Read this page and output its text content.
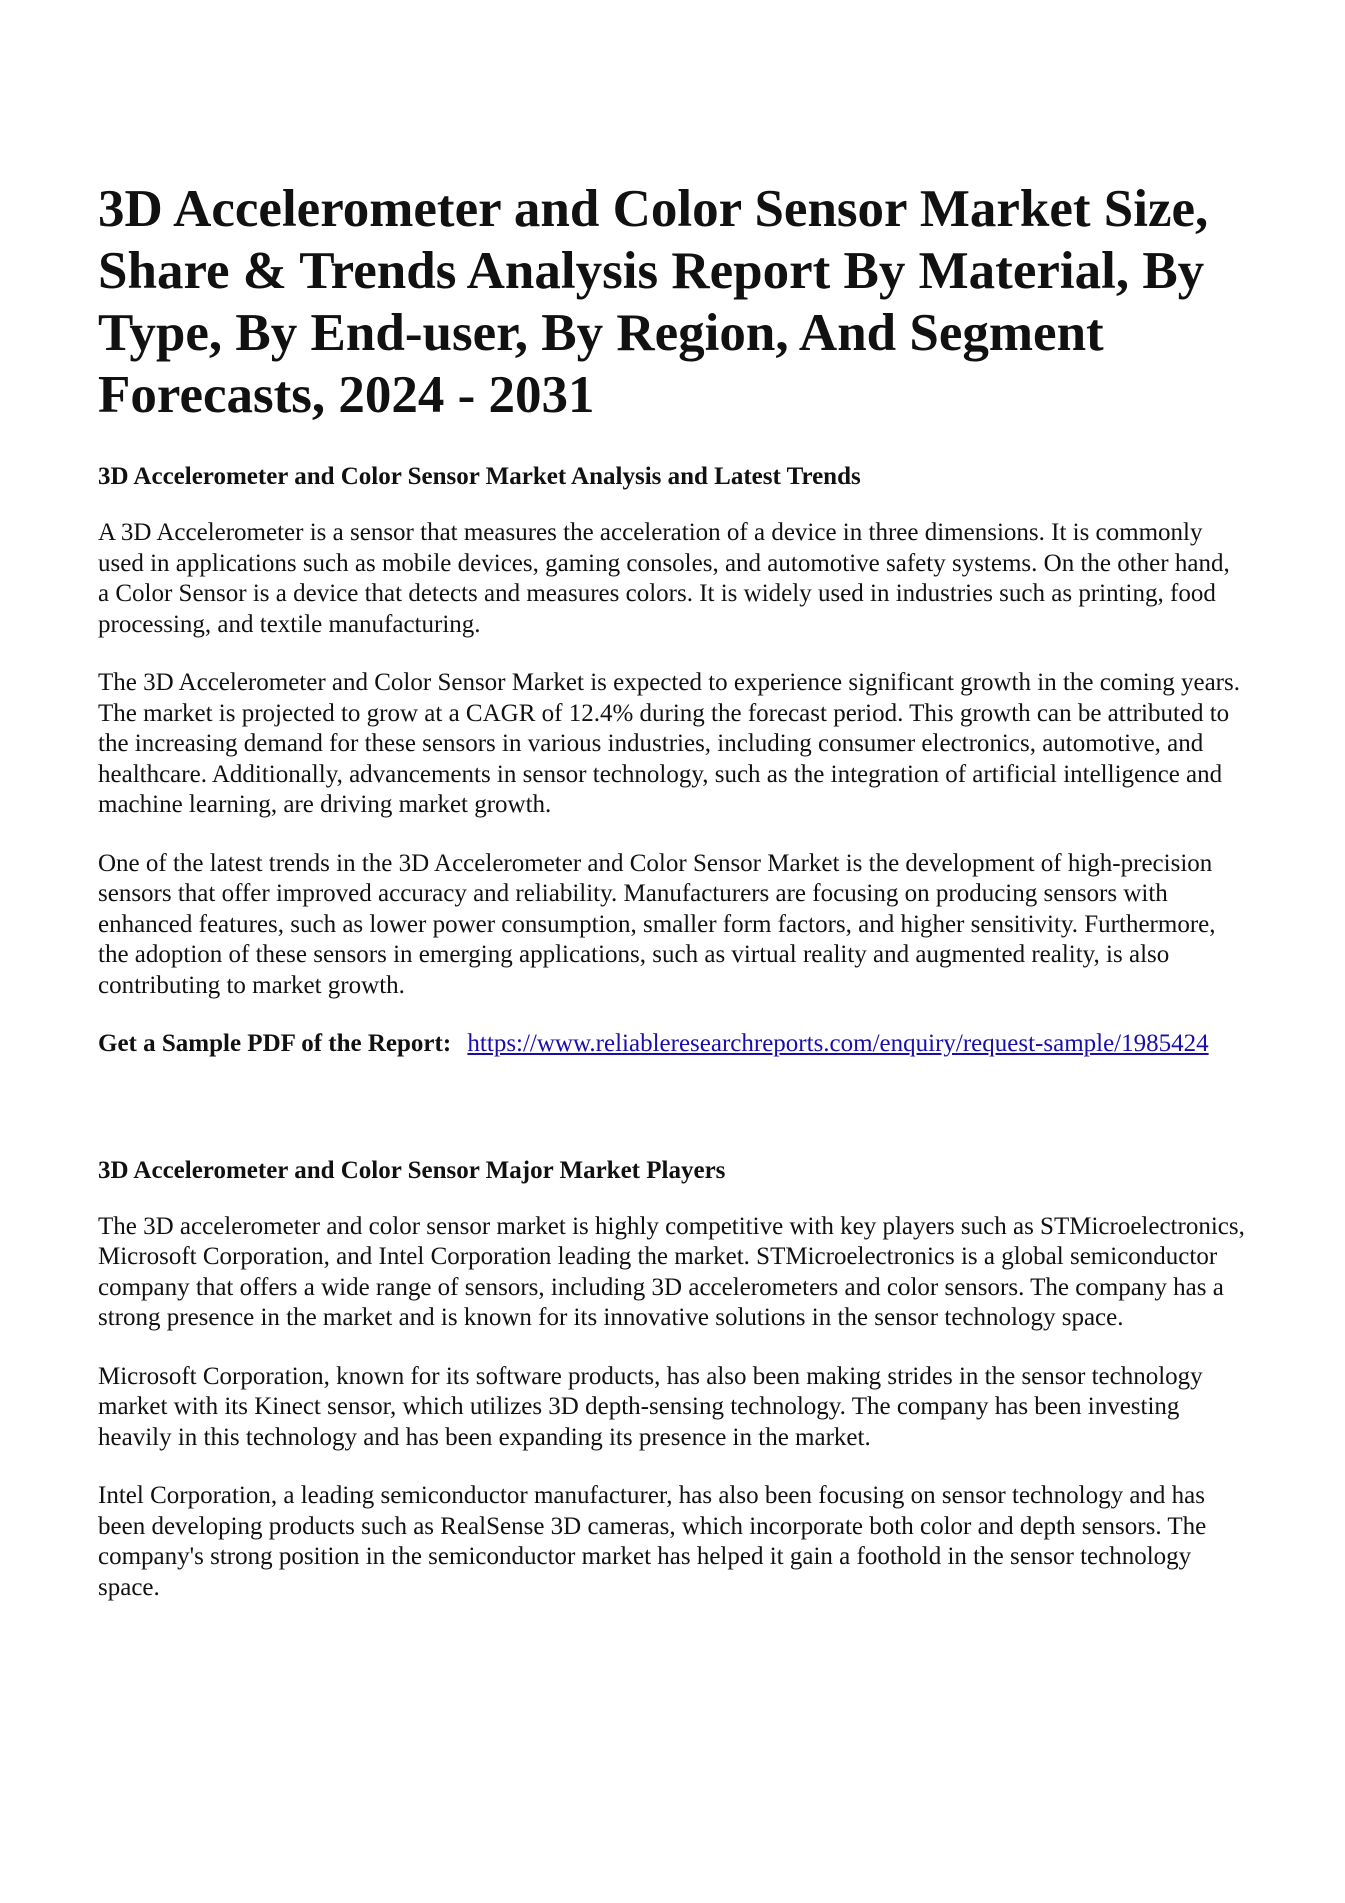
3D Accelerometer and Color Sensor Market Size, Share & Trends Analysis Report By Material, By Type, By End-user, By Region, And Segment Forecasts, 2024 - 2031
3D Accelerometer and Color Sensor Market Analysis and Latest Trends

A 3D Accelerometer is a sensor that measures the acceleration of a device in three dimensions. It is commonly used in applications such as mobile devices, gaming consoles, and automotive safety systems. On the other hand, a Color Sensor is a device that detects and measures colors. It is widely used in industries such as printing, food processing, and textile manufacturing.

The 3D Accelerometer and Color Sensor Market is expected to experience significant growth in the coming years. The market is projected to grow at a CAGR of 12.4% during the forecast period. This growth can be attributed to the increasing demand for these sensors in various industries, including consumer electronics, automotive, and healthcare. Additionally, advancements in sensor technology, such as the integration of artificial intelligence and machine learning, are driving market growth.

One of the latest trends in the 3D Accelerometer and Color Sensor Market is the development of high-precision sensors that offer improved accuracy and reliability. Manufacturers are focusing on producing sensors with enhanced features, such as lower power consumption, smaller form factors, and higher sensitivity. Furthermore, the adoption of these sensors in emerging applications, such as virtual reality and augmented reality, is also contributing to market growth.

Get a Sample PDF of the Report: https://www.reliableresearchreports.com/enquiry/request-sample/1985424
3D Accelerometer and Color Sensor Major Market Players

The 3D accelerometer and color sensor market is highly competitive with key players such as STMicroelectronics, Microsoft Corporation, and Intel Corporation leading the market. STMicroelectronics is a global semiconductor company that offers a wide range of sensors, including 3D accelerometers and color sensors. The company has a strong presence in the market and is known for its innovative solutions in the sensor technology space.

Microsoft Corporation, known for its software products, has also been making strides in the sensor technology market with its Kinect sensor, which utilizes 3D depth-sensing technology. The company has been investing heavily in this technology and has been expanding its presence in the market.

Intel Corporation, a leading semiconductor manufacturer, has also been focusing on sensor technology and has been developing products such as RealSense 3D cameras, which incorporate both color and depth sensors. The company's strong position in the semiconductor market has helped it gain a foothold in the sensor technology space.
